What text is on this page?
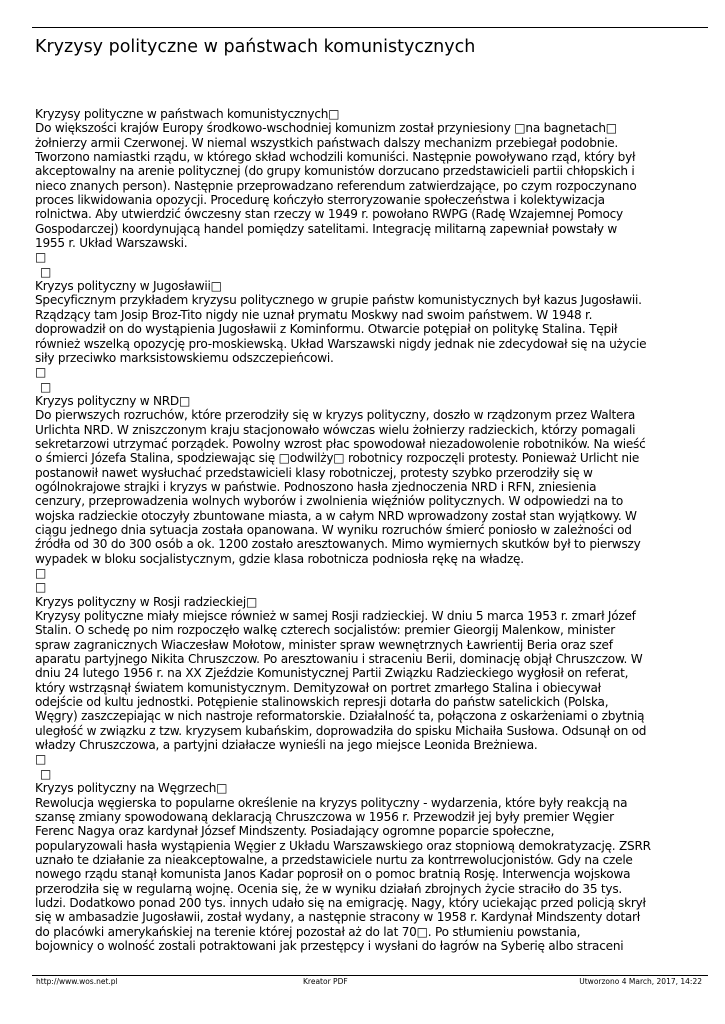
Kryzysy polityczne w państwach komunistycznych
Kryzysy polityczne w państwach komunistycznych□
Do większości krajów Europy środkowo-wschodniej komunizm został przyniesiony □na bagnetach□
żołnierzy armii Czerwonej. W niemal wszystkich państwach dalszy mechanizm przebiegał podobnie.
Tworzono namiastki rządu, w którego skład wchodzili komuniści. Następnie powoływano rząd, który był
akceptowalny na arenie politycznej (do grupy komunistów dorzucano przedstawicieli partii chłopskich i
nieco znanych person). Następnie przeprowadzano referendum zatwierdzające, po czym rozpoczynano
proces likwidowania opozycji. Procedurę kończyło sterroryzowanie społeczeństwa i kolektywizacja
rolnictwa. Aby utwierdzić ówczesny stan rzeczy w 1949 r. powołano RWPG (Radę Wzajemnej Pomocy
Gospodarczej) koordynującą handel pomiędzy satelitami. Integrację militarną zapewniał powstały w
1955 r. Układ Warszawski.
□
□
Kryzys polityczny w Jugosławii□
Specyficznym przykładem kryzysu politycznego w grupie państw komunistycznych był kazus Jugosławii.
Rządzący tam Josip Broz-Tito nigdy nie uznał prymatu Moskwy nad swoim państwem. W 1948 r.
doprowadził on do wystąpienia Jugosławii z Kominformu. Otwarcie potępiał on politykę Stalina. Tępił
również wszelką opozycję pro-moskiewską. Układ Warszawski nigdy jednak nie zdecydował się na użycie
siły przeciwko marksistowskiemu odszczepieńcowi.
□
□
Kryzys polityczny w NRD□
Do pierwszych rozruchów, które przerodziły się w kryzys polityczny, doszło w rządzonym przez Waltera
Urlichta NRD. W zniszczonym kraju stacjonowało wówczas wielu żołnierzy radzieckich, którzy pomagali
sekretarzowi utrzymać porządek. Powolny wzrost płac spowodował niezadowolenie robotników. Na wieść
o śmierci Józefa Stalina, spodziewając się □odwilży□ robotnicy rozpoczęli protesty. Ponieważ Urlicht nie
postanowił nawet wysłuchać przedstawicieli klasy robotniczej, protesty szybko przerodziły się w
ogólnokrajowe strajki i kryzys w państwie. Podnoszono hasła zjednoczenia NRD i RFN, zniesienia
cenzury, przeprowadzenia wolnych wyborów i zwolnienia więźniów politycznych. W odpowiedzi na to
wojska radzieckie otoczyły zbuntowane miasta, a w całym NRD wprowadzony został stan wyjątkowy. W
ciągu jednego dnia sytuacja została opanowana. W wyniku rozruchów śmierć poniosło w zależności od
źródła od 30 do 300 osób a ok. 1200 zostało aresztowanych. Mimo wymiernych skutków był to pierwszy
wypadek w bloku socjalistycznym, gdzie klasa robotnicza podniosła rękę na władzę.
□
□
Kryzys polityczny w Rosji radzieckiej□
Kryzysy polityczne miały miejsce również w samej Rosji radzieckiej. W dniu 5 marca 1953 r. zmarł Józef
Stalin. O schedę po nim rozpoczęło walkę czterech socjalistów: premier Gieorgij Malenkow, minister
spraw zagranicznych Wiaczesław Mołotow, minister spraw wewnętrznych Ławrientij Beria oraz szef
aparatu partyjnego Nikita Chruszczow. Po aresztowaniu i straceniu Berii, dominację objął Chruszczow. W
dniu 24 lutego 1956 r. na XX Zjeździe Komunistycznej Partii Związku Radzieckiego wygłosił on referat,
który wstrząsnął światem komunistycznym. Demityzował on portret zmarłego Stalina i obiecywał
odejście od kultu jednostki. Potępienie stalinowskich represji dotarła do państw satelickich (Polska,
Węgry) zaszczepiając w nich nastroje reformatorskie. Działalność ta, połączona z oskarżeniami o zbytnią
uległość w związku z tzw. kryzysem kubańskim, doprowadziła do spisku Michaiła Susłowa. Odsunął on od
władzy Chruszczowa, a partyjni działacze wynieśli na jego miejsce Leonida Breżniewa.
□
□
Kryzys polityczny na Węgrzech□
Rewolucja węgierska to popularne określenie na kryzys polityczny - wydarzenia, które były reakcją na
szansę zmiany spowodowaną deklaracją Chruszczowa w 1956 r. Przewodził jej były premier Węgier
Ferenc Nagya oraz kardynał József Mindszenty. Posiadający ogromne poparcie społeczne,
popularyzowali hasła wystąpienia Węgier z Układu Warszawskiego oraz stopniową demokratyzację. ZSRR
uznało te działanie za nieakceptowalne, a przedstawiciele nurtu za kontrrewolucjonistów. Gdy na czele
nowego rządu stanął komunista Janos Kadar poprosił on o pomoc bratnią Rosję. Interwencja wojskowa
przerodziła się w regularną wojnę. Ocenia się, że w wyniku działań zbrojnych życie straciło do 35 tys.
ludzi. Dodatkowo ponad 200 tys. innych udało się na emigrację. Nagy, który uciekając przed policją skrył
się w ambasadzie Jugosławii, został wydany, a następnie stracony w 1958 r. Kardynał Mindszenty dotarł
do placówki amerykańskiej na terenie której pozostał aż do lat 70□. Po stłumieniu powstania,
bojownicy o wolność zostali potraktowani jak przestępcy i wysłani do łagrów na Syberię albo straceni
http://www.wos.net.pl	Kreator PDF	Utworzono 4 March, 2017, 14:22
